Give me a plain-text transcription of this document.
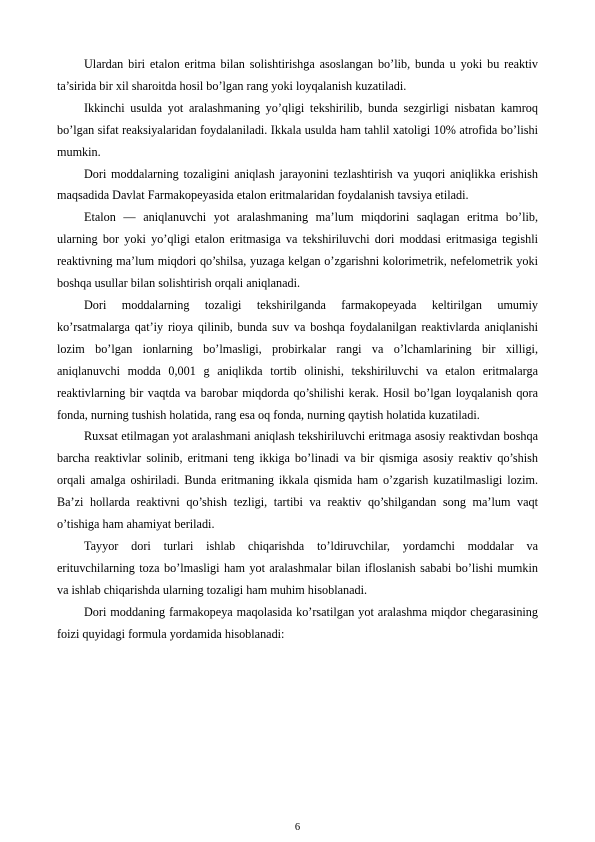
Ulardan biri etalon eritma bilan solishtirishga asoslangan bo’lib, bunda u yoki bu reaktiv ta’sirida bir xil sharoitda hosil bo’lgan rang yoki loyqalanish kuzatiladi.

Ikkinchi usulda yot aralashmaning yo’qligi tekshirilib, bunda sezgirligi nisbatan kamroq bo’lgan sifat reaksiyalaridan foydalaniladi. Ikkala usulda ham tahlil xatoligi 10% atrofida bo’lishi mumkin.

Dori moddalarning tozaligini aniqlash jarayonini tezlashtirish va yuqori aniqlikka erishish maqsadida Davlat Farmakopeyasida etalon eritmalaridan foydalanish tavsiya etiladi.

Etalon — aniqlanuvchi yot aralashmaning ma’lum miqdorini saqlagan eritma bo’lib, ularning bor yoki yo’qligi etalon eritmasiga va tekshiriluvchi dori moddasi eritmasiga tegishli reaktivning ma’lum miqdori qo’shilsa, yuzaga kelgan o’zgarishni kolorimetrik, nefelometrik yoki boshqa usullar bilan solishtirish orqali aniqlanadi.

Dori moddalarning tozaligi tekshirilganda farmakopeyada keltirilgan umumiy ko’rsatmalarga qat’iy rioya qilinib, bunda suv va boshqa foydalanilgan reaktivlarda aniqlanishi lozim bo’lgan ionlarning bo’lmasligi, probirkalar rangi va o’lchamlarining bir xilligi, aniqlanuvchi modda 0,001 g aniqlikda tortib olinishi, tekshiriluvchi va etalon eritmalarga reaktivlarning bir vaqtda va barobar miqdorda qo’shilishi kerak. Hosil bo’lgan loyqalanish qora fonda, nurning tushish holatida, rang esa oq fonda, nurning qaytish holatida kuzatiladi.

Ruxsat etilmagan yot aralashmani aniqlash tekshiriluvchi eritmaga asosiy reaktivdan boshqa barcha reaktivlar solinib, eritmani teng ikkiga bo’linadi va bir qismiga asosiy reaktiv qo’shish orqali amalga oshiriladi. Bunda eritmaning ikkala qismida ham o’zgarish kuzatilmasligi lozim. Ba’zi hollarda reaktivni qo’shish tezligi, tartibi va reaktiv qo’shilgandan song ma’lum vaqt o’tishiga ham ahamiyat beriladi.

Tayyor dori turlari ishlab chiqarishda to’ldiruvchilar, yordamchi moddalar va erituvchilarning toza bo’lmasligi ham yot aralashmalar bilan ifloslanish sababi bo’lishi mumkin va ishlab chiqarishda ularning tozaligi ham muhim hisoblanadi.

Dori moddaning farmakopeya maqolasida ko’rsatilgan yot aralashma miqdor chegarasining foizi quyidagi formula yordamida hisoblanadi:

6
